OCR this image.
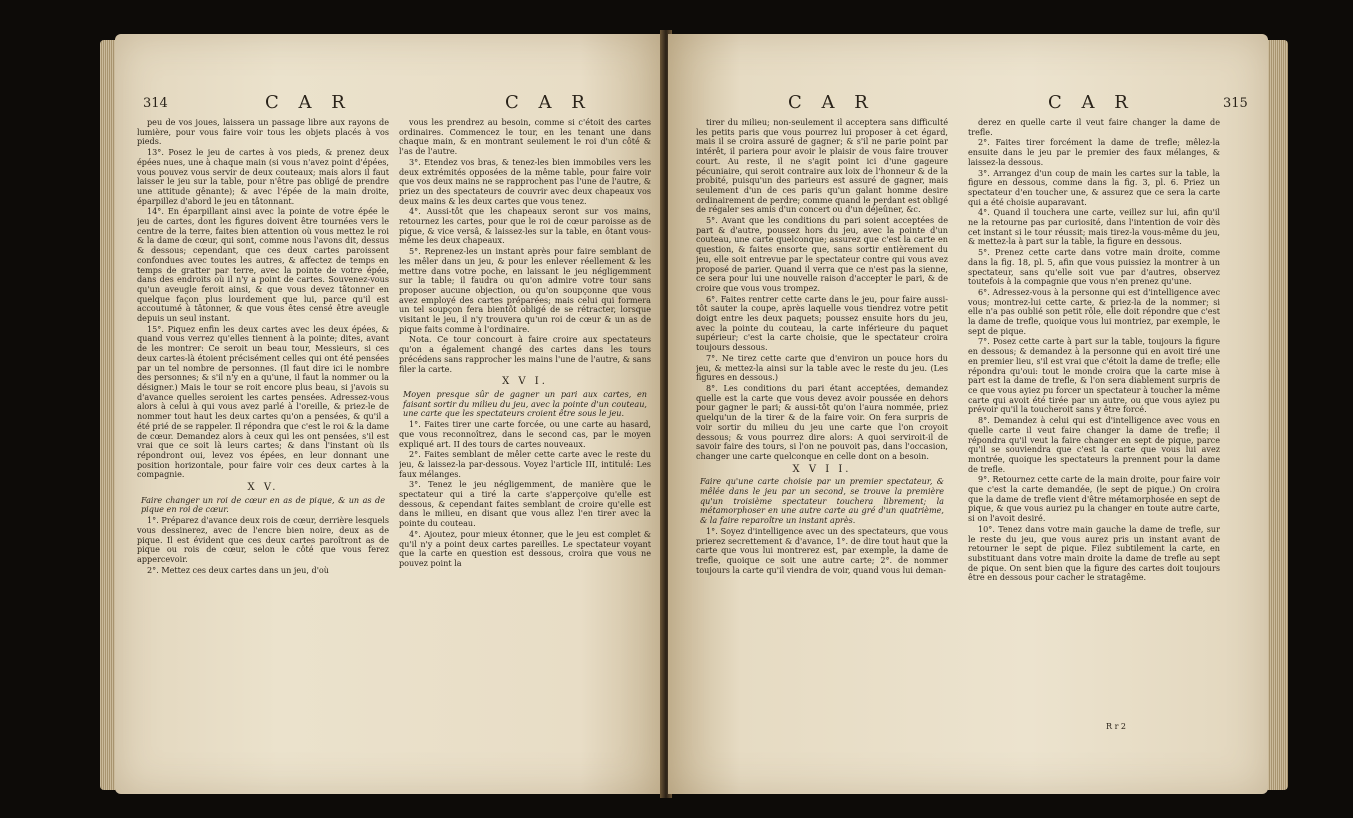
314	C A R	C A R

peu de vos joues, laissera un passage libre aux rayons de lumière, pour vous faire voir tous les objets placés à vos pieds.

13°. Posez le jeu de cartes à vos pieds, & prenez deux épées nues, une à chaque main (si vous n'avez point d'épées, vous pouvez vous servir de deux couteaux; mais alors il faut laisser le jeu sur la table, pour n'être pas obligé de prendre une attitude gênante); & avec l'épée de la main droite, éparpillez d'abord le jeu en tâtonnant.

14°. En éparpillant ainsi avec la pointe de votre épée le jeu de cartes, dont les figures doivent être tournées vers le centre de la terre, faites bien attention où vous mettez le roi & la dame de cœur, qui sont, comme nous l'avons dit, dessus & dessous; cependant, que ces deux cartes paroissent confondues avec toutes les autres, & affectez de temps en temps de gratter par terre, avec la pointe de votre épée, dans des endroits où il n'y a point de cartes. Souvenez-vous qu'un aveugle feroit ainsi, & que vous devez tâtonner en quelque façon plus lourdement que lui, parce qu'il est accoutumé à tâtonner, & que vous êtes censé être aveugle depuis un seul instant.

15°. Piquez enfin les deux cartes avec les deux épées, & quand vous verrez qu'elles tiennent à la pointe; dites, avant de les montrer: Ce seroit un beau tour, Messieurs, si ces deux cartes-là étoient précisément celles qui ont été pensées par un tel nombre de personnes. (Il faut dire ici le nombre des personnes; & s'il n'y en a qu'une, il faut la nommer ou la désigner.) Mais le tour se roit encore plus beau, si j'avois su d'avance quelles seroient les cartes pensées. Adressez-vous alors à celui à qui vous avez parlé à l'oreille, & priez-le de nommer tout haut les deux cartes qu'on a pensées, & qu'il a été prié de se rappeler. Il répondra que c'est le roi & la dame de cœur. Demandez alors à ceux qui les ont pensées, s'il est vrai que ce soit là leurs cartes; & dans l'instant où ils répondront oui, levez vos épées, en leur donnant une position horizontale, pour faire voir ces deux cartes à la compagnie.

X V.

Faire changer un roi de cœur en as de pique, & un as de pique en roi de cœur.

1°. Préparez d'avance deux rois de cœur, derrière lesquels vous dessinerez, avec de l'encre bien noire, deux as de pique. Il est évident que ces deux cartes paroîtront as de pique ou rois de cœur, selon le côté que vous ferez appercevoir.

2°. Mettez ces deux cartes dans un jeu, d'où

vous les prendrez au besoin, comme si c'étoit des cartes ordinaires. Commencez le tour, en les tenant une dans chaque main, & en montrant seulement le roi d'un côté & l'as de l'autre.

3°. Etendez vos bras, & tenez-les bien immobiles vers les deux extrémités opposées de la même table, pour faire voir que vos deux mains ne se rapprochent pas l'une de l'autre, & priez un des spectateurs de couvrir avec deux chapeaux vos deux mains & les deux cartes que vous tenez.

4°. Aussi-tôt que les chapeaux seront sur vos mains, retournez les cartes, pour que le roi de cœur paroisse as de pique, & vice versâ, & laissez-les sur la table, en ôtant vous-même les deux chapeaux.

5°. Reprenez-les un instant après pour faire semblant de les mêler dans un jeu, & pour les enlever réellement & les mettre dans votre poche, en laissant le jeu négligemment sur la table; il faudra ou qu'on admire votre tour sans proposer aucune objection, ou qu'on soupçonne que vous avez employé des cartes préparées; mais celui qui formera un tel soupçon fera bientôt obligé de se rétracter, lorsque visitant le jeu, il n'y trouvera qu'un roi de cœur & un as de pique faits comme à l'ordinaire.

Nota. Ce tour concourt à faire croire aux spectateurs qu'on a également changé des cartes dans les tours précédens sans rapprocher les mains l'une de l'autre, & sans filer la carte.

X V I.

Moyen presque sûr de gagner un pari aux cartes, en faisant sortir du milieu du jeu, avec la pointe d'un couteau, une carte que les spectateurs croient être sous le jeu.

1°. Faites tirer une carte forcée, ou une carte au hasard, que vous reconnoîtrez, dans le second cas, par le moyen expliqué art. II des tours de cartes nouveaux.

2°. Faites semblant de mêler cette carte avec le reste du jeu, & laissez-la par-dessous. Voyez l'article III, intitulé: Les faux mélanges.

3°. Tenez le jeu négligemment, de manière que le spectateur qui a tiré la carte s'apperçoive qu'elle est dessous, & cependant faites semblant de croire qu'elle est dans le milieu, en disant que vous allez l'en tirer avec la pointe du couteau.

4°. Ajoutez, pour mieux étonner, que le jeu est complet & qu'il n'y a point deux cartes pareilles. Le spectateur voyant que la carte en question est dessous, croira que vous ne pouvez point la

C A R	C A R	315

tirer du milieu; non-seulement il acceptera sans difficulté les petits paris que vous pourrez lui proposer à cet égard, mais il se croira assuré de gagner; & s'il ne parie point par intérêt, il pariera pour avoir le plaisir de vous faire trouver court. Au reste, il ne s'agit point ici d'une gageure pécuniaire, qui seroit contraire aux loix de l'honneur & de la probité, puisqu'un des parieurs est assuré de gagner, mais seulement d'un de ces paris qu'un galant homme desire ordinairement de perdre; comme quand le perdant est obligé de régaler ses amis d'un concert ou d'un déjeûner, &c.

5°. Avant que les conditions du pari soient acceptées de part & d'autre, poussez hors du jeu, avec la pointe d'un couteau, une carte quelconque; assurez que c'est la carte en question, & faites ensorte que, sans sortir entièrement du jeu, elle soit entrevue par le spectateur contre qui vous avez proposé de parier. Quand il verra que ce n'est pas la sienne, ce sera pour lui une nouvelle raison d'accepter le pari, & de croire que vous vous trompez.

6°. Faites rentrer cette carte dans le jeu, pour faire aussi-tôt sauter la coupe, après laquelle vous tiendrez votre petit doigt entre les deux paquets; poussez ensuite hors du jeu, avec la pointe du couteau, la carte inférieure du paquet supérieur; c'est la carte choisie, que le spectateur croira toujours dessous.

7°. Ne tirez cette carte que d'environ un pouce hors du jeu, & mettez-la ainsi sur la table avec le reste du jeu. (Les figures en dessous.)

8°. Les conditions du pari étant acceptées, demandez quelle est la carte que vous devez avoir poussée en dehors pour gagner le pari; & aussi-tôt qu'on l'aura nommée, priez quelqu'un de la tirer & de la faire voir. On fera surpris de voir sortir du milieu du jeu une carte que l'on croyoit dessous; & vous pourrez dire alors: A quoi serviroit-il de savoir faire des tours, si l'on ne pouvoit pas, dans l'occasion, changer une carte quelconque en celle dont on a besoin.

X V I I.

Faire qu'une carte choisie par un premier spectateur, & mêlée dans le jeu par un second, se trouve la première qu'un troisième spectateur touchera librement; la métamorphoser en une autre carte au gré d'un quatrième, & la faire reparoître un instant après.

1°. Soyez d'intelligence avec un des spectateurs, que vous prierez secrettement & d'avance, 1°. de dire tout haut que la carte que vous lui montrerez est, par exemple, la dame de trefle, quoique ce soit une autre carte; 2°. de nommer toujours la carte qu'il viendra de voir, quand vous lui deman-

derez en quelle carte il veut faire changer la dame de trefle.

2°. Faites tirer forcément la dame de trefle; mêlez-la ensuite dans le jeu par le premier des faux mélanges, & laissez-la dessous.

3°. Arrangez d'un coup de main les cartes sur la table, la figure en dessous, comme dans la fig. 3, pl. 6. Priez un spectateur d'en toucher une, & assurez que ce sera la carte qui a été choisie auparavant.

4°. Quand il touchera une carte, veillez sur lui, afin qu'il ne la retourne pas par curiosité, dans l'intention de voir dès cet instant si le tour réussit; mais tirez-la vous-même du jeu, & mettez-la à part sur la table, la figure en dessous.

5°. Prenez cette carte dans votre main droite, comme dans la fig. 18, pl. 5, afin que vous puissiez la montrer à un spectateur, sans qu'elle soit vue par d'autres, observez toutefois à la compagnie que vous n'en prenez qu'une.

6°. Adressez-vous à la personne qui est d'intelligence avec vous; montrez-lui cette carte, & priez-la de la nommer; si elle n'a pas oublié son petit rôle, elle doit répondre que c'est la dame de trefle, quoique vous lui montriez, par exemple, le sept de pique.

7°. Posez cette carte à part sur la table, toujours la figure en dessous; & demandez à la personne qui en avoit tiré une en premier lieu, s'il est vrai que c'étoit la dame de trefle; elle répondra qu'oui: tout le monde croira que la carte mise à part est la dame de trefle, & l'on sera diablement surpris de ce que vous ayiez pu forcer un spectateur à toucher la même carte qui avoit été tirée par un autre, ou que vous ayiez pu prévoir qu'il la toucheroit sans y être forcé.

8°. Demandez à celui qui est d'intelligence avec vous en quelle carte il veut faire changer la dame de trefle; il répondra qu'il veut la faire changer en sept de pique, parce qu'il se souviendra que c'est la carte que vous lui avez montrée, quoique les spectateurs la prennent pour la dame de trefle.

9°. Retournez cette carte de la main droite, pour faire voir que c'est la carte demandée, (le sept de pique.) On croira que la dame de trefle vient d'être métamorphosée en sept de pique, & que vous auriez pu la changer en toute autre carte, si on l'avoit desiré.

10°. Tenez dans votre main gauche la dame de trefle, sur le reste du jeu, que vous aurez pris un instant avant de retourner le sept de pique. Filez subtilement la carte, en substituant dans votre main droite la dame de trefle au sept de pique. On sent bien que la figure des cartes doit toujours être en dessous pour cacher le stratagême.

R r 2
